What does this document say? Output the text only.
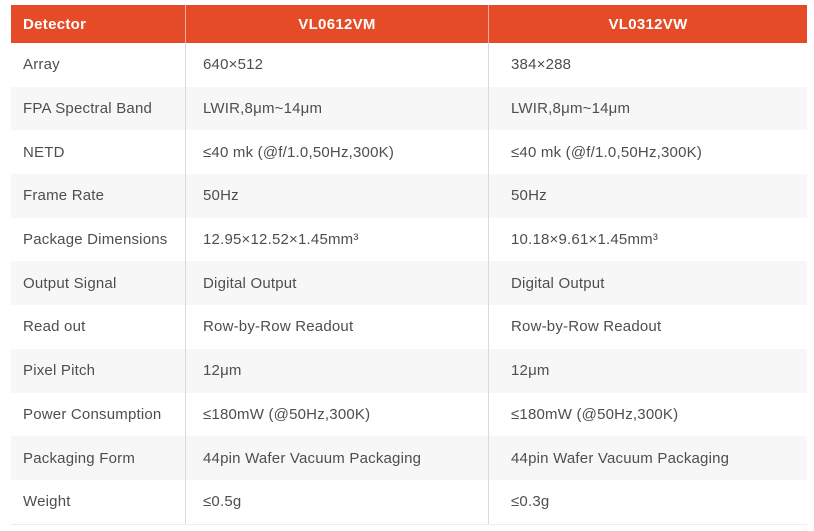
Detector	VL0612VM	VL0312VW
Array	640×512	384×288
FPA Spectral Band	LWIR,8μm~14μm	LWIR,8μm~14μm
NETD	≤40 mk (@f/1.0,50Hz,300K)	≤40 mk (@f/1.0,50Hz,300K)
Frame Rate	50Hz	50Hz
Package Dimensions	12.95×12.52×1.45mm³	10.18×9.61×1.45mm³
Output Signal	Digital Output	Digital Output
Read out	Row-by-Row Readout	Row-by-Row Readout
Pixel Pitch	12μm	12μm
Power Consumption	≤180mW (@50Hz,300K)	≤180mW (@50Hz,300K)
Packaging Form	44pin Wafer Vacuum Packaging	44pin Wafer Vacuum Packaging
Weight	≤0.5g	≤0.3g
